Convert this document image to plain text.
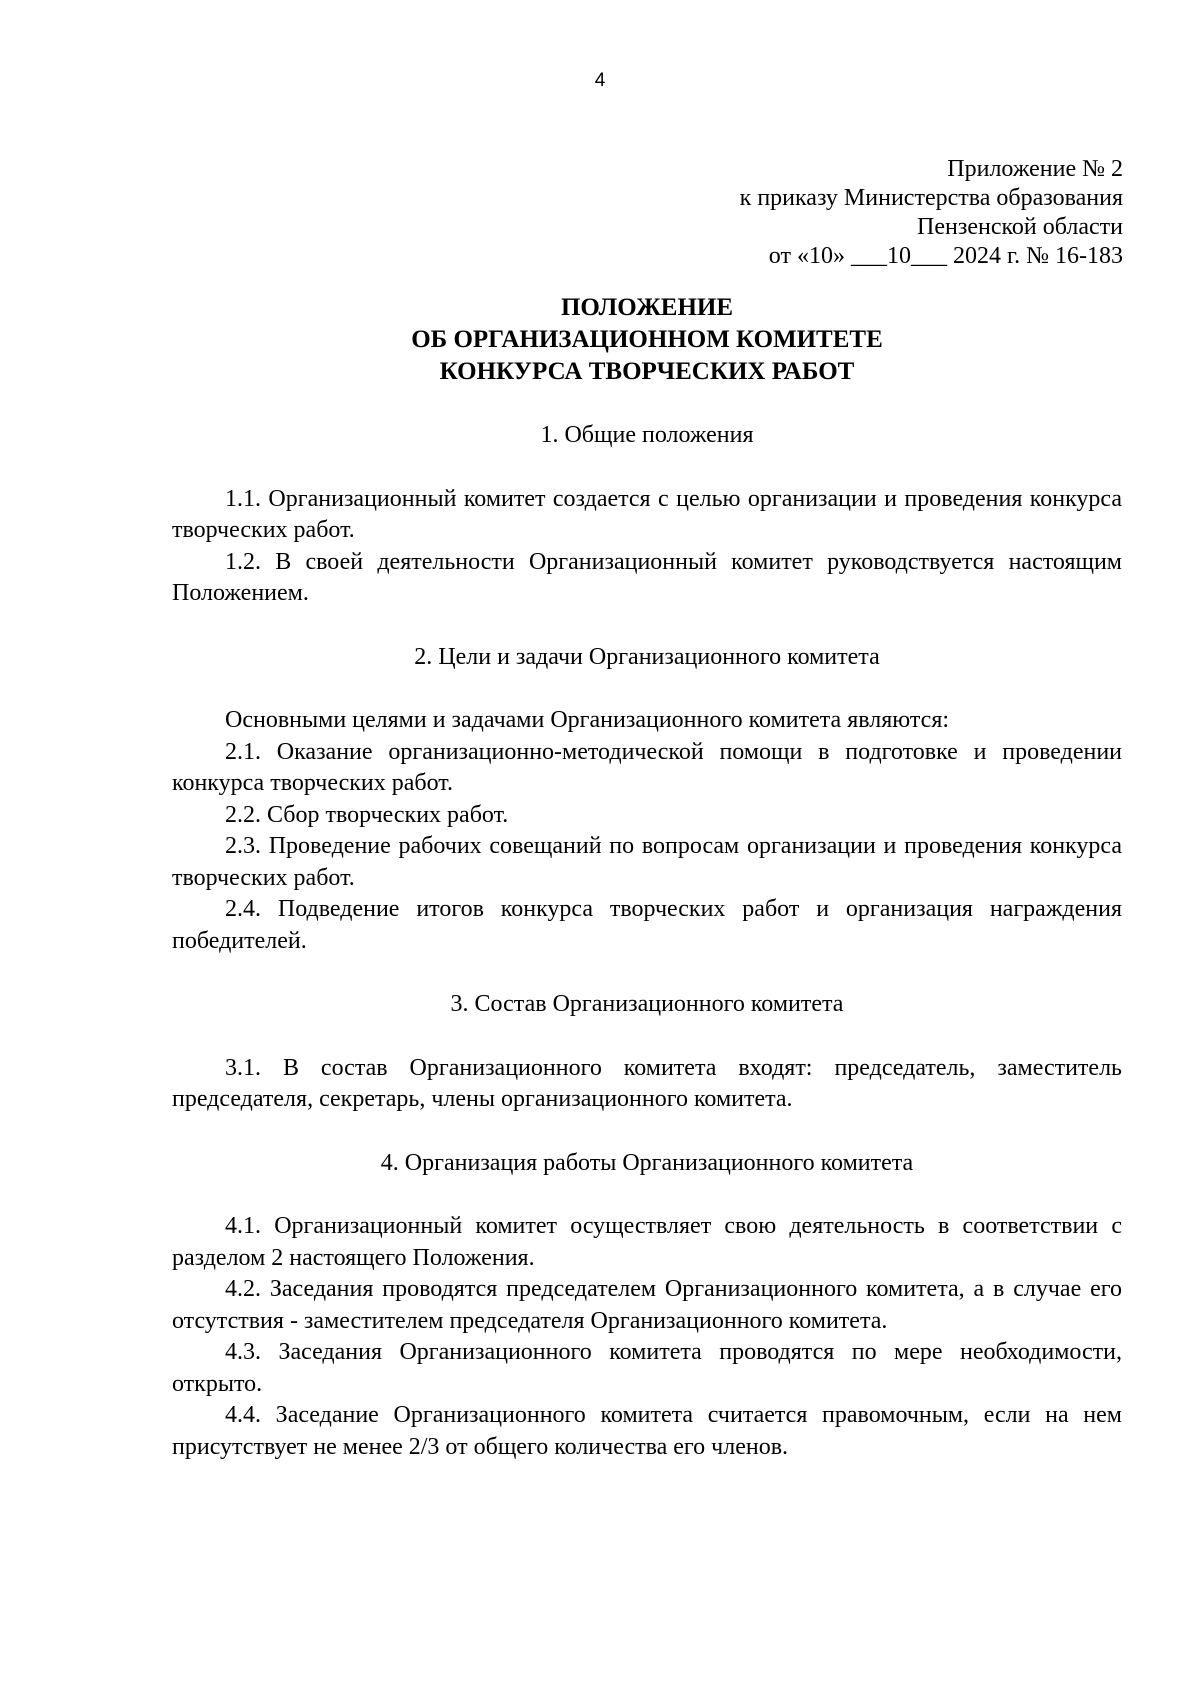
4
Приложение № 2
к приказу Министерства образования
Пензенской области
от «10» ___10___ 2024 г. № 16-183
ПОЛОЖЕНИЕ
ОБ ОРГАНИЗАЦИОННОМ КОМИТЕТЕ
КОНКУРСА ТВОРЧЕСКИХ РАБОТ
1. Общие положения

1.1. Организационный комитет создается с целью организации и проведения конкурса творческих работ.

1.2. В своей деятельности Организационный комитет руководствуется настоящим Положением.

2. Цели и задачи Организационного комитета

Основными целями и задачами Организационного комитета являются:

2.1. Оказание организационно-методической помощи в подготовке и проведении конкурса творческих работ.

2.2. Сбор творческих работ.

2.3. Проведение рабочих совещаний по вопросам организации и проведения конкурса творческих работ.

2.4. Подведение итогов конкурса творческих работ и организация награждения победителей.

3. Состав Организационного комитета

3.1. В состав Организационного комитета входят: председатель, заместитель председателя, секретарь, члены организационного комитета.

4. Организация работы Организационного комитета

4.1. Организационный комитет осуществляет свою деятельность в соответствии с разделом 2 настоящего Положения.

4.2. Заседания проводятся председателем Организационного комитета, а в случае его отсутствия - заместителем председателя Организационного комитета.

4.3. Заседания Организационного комитета проводятся по мере необходимости, открыто.

4.4. Заседание Организационного комитета считается правомочным, если на нем присутствует не менее 2/3 от общего количества его членов.
